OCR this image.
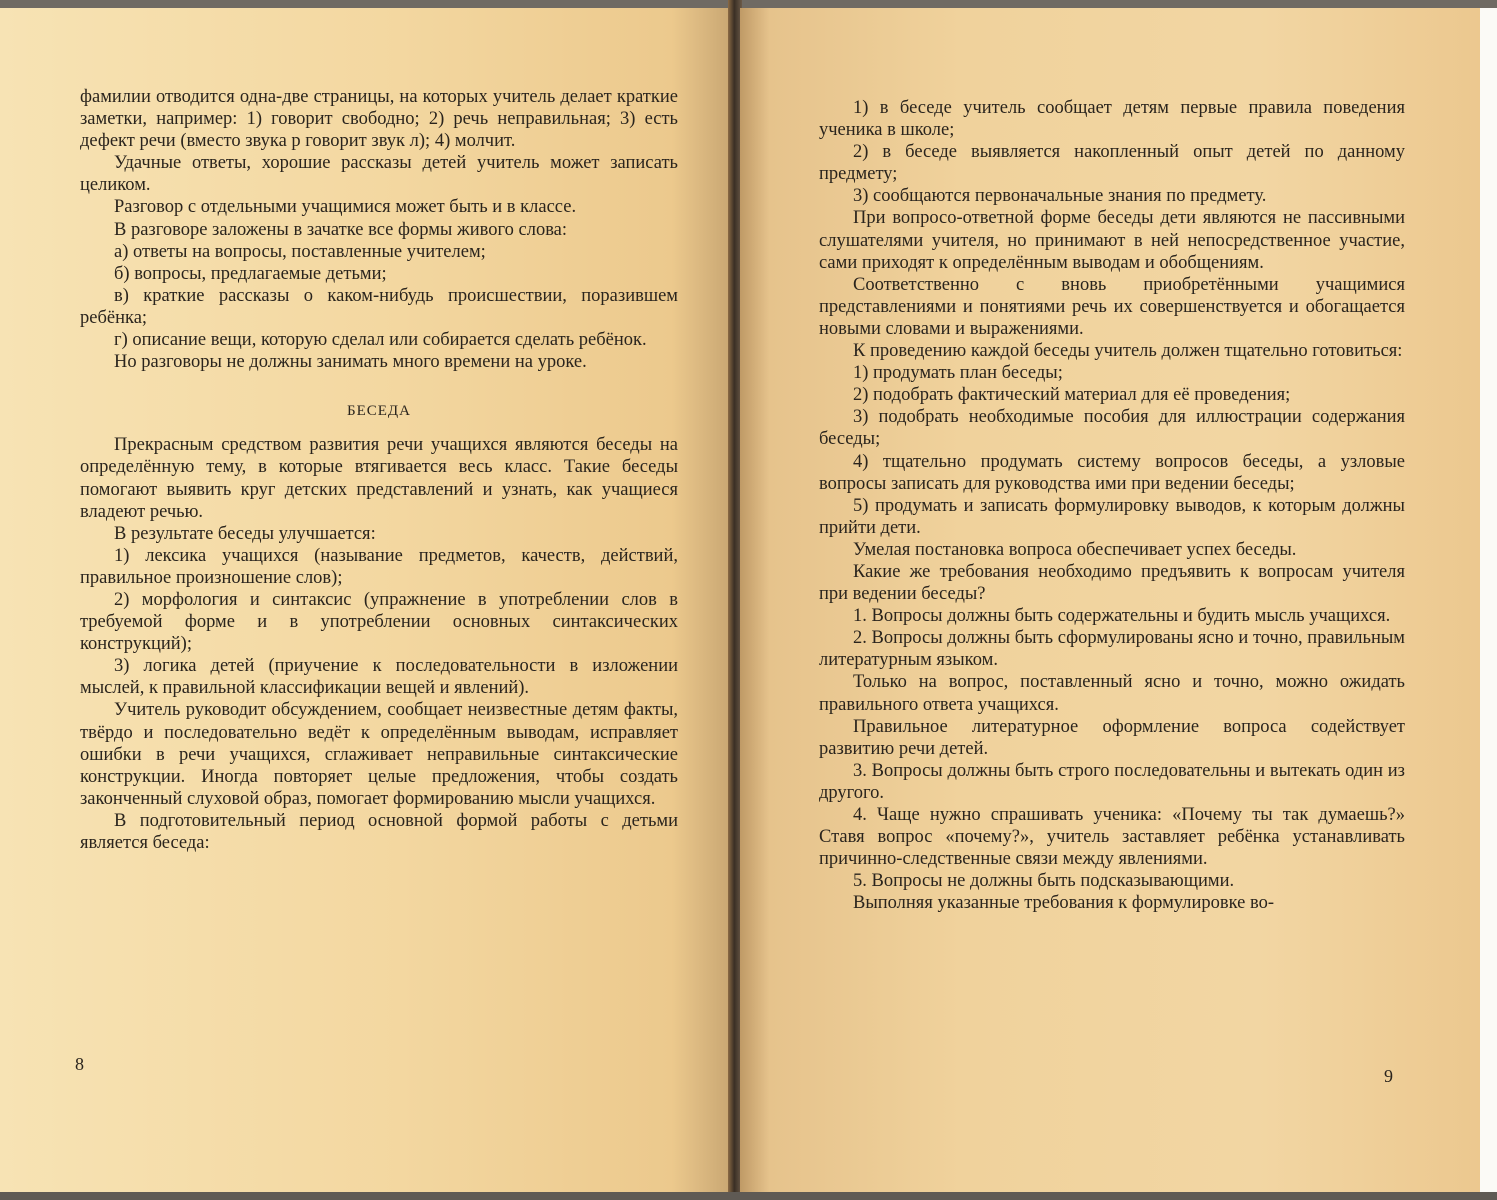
фамилии отводится одна-две страницы, на которых учитель делает краткие заметки, например: 1) говорит свободно; 2) речь неправильная; 3) есть дефект речи (вместо звука р говорит звук л); 4) молчит.

Удачные ответы, хорошие рассказы детей учитель может записать целиком.

Разговор с отдельными учащимися может быть и в классе.

В разговоре заложены в зачатке все формы живого слова:

а) ответы на вопросы, поставленные учителем;

б) вопросы, предлагаемые детьми;

в) краткие рассказы о каком-нибудь происшествии, поразившем ребёнка;

г) описание вещи, которую сделал или собирается сделать ребёнок.

Но разговоры не должны занимать много времени на уроке.

БЕСЕДА

Прекрасным средством развития речи учащихся являются беседы на определённую тему, в которые втягивается весь класс. Такие беседы помогают выявить круг детских представлений и узнать, как учащиеся владеют речью.

В результате беседы улучшается:

1) лексика учащихся (называние предметов, качеств, действий, правильное произношение слов);

2) морфология и синтаксис (упражнение в употреблении слов в требуемой форме и в употреблении основных синтаксических конструкций);

3) логика детей (приучение к последовательности в изложении мыслей, к правильной классификации вещей и явлений).

Учитель руководит обсуждением, сообщает неизвестные детям факты, твёрдо и последовательно ведёт к определённым выводам, исправляет ошибки в речи учащихся, сглаживает неправильные синтаксические конструкции. Иногда повторяет целые предложения, чтобы создать законченный слуховой образ, помогает формированию мысли учащихся.

В подготовительный период основной формой работы с детьми является беседа:

8

1) в беседе учитель сообщает детям первые правила поведения ученика в школе;

2) в беседе выявляется накопленный опыт детей по данному предмету;

3) сообщаются первоначальные знания по предмету.

При вопросо-ответной форме беседы дети являются не пассивными слушателями учителя, но принимают в ней непосредственное участие, сами приходят к определённым выводам и обобщениям.

Соответственно с вновь приобретёнными учащимися представлениями и понятиями речь их совершенствуется и обогащается новыми словами и выражениями.

К проведению каждой беседы учитель должен тщательно готовиться:

1) продумать план беседы;

2) подобрать фактический материал для её проведения;

3) подобрать необходимые пособия для иллюстрации содержания беседы;

4) тщательно продумать систему вопросов беседы, а узловые вопросы записать для руководства ими при ведении беседы;

5) продумать и записать формулировку выводов, к которым должны прийти дети.

Умелая постановка вопроса обеспечивает успех беседы.

Какие же требования необходимо предъявить к вопросам учителя при ведении беседы?

1. Вопросы должны быть содержательны и будить мысль учащихся.

2. Вопросы должны быть сформулированы ясно и точно, правильным литературным языком.

Только на вопрос, поставленный ясно и точно, можно ожидать правильного ответа учащихся.

Правильное литературное оформление вопроса содействует развитию речи детей.

3. Вопросы должны быть строго последовательны и вытекать один из другого.

4. Чаще нужно спрашивать ученика: «Почему ты так думаешь?» Ставя вопрос «почему?», учитель заставляет ребёнка устанавливать причинно-следственные связи между явлениями.

5. Вопросы не должны быть подсказывающими.

Выполняя указанные требования к формулировке во-

9
